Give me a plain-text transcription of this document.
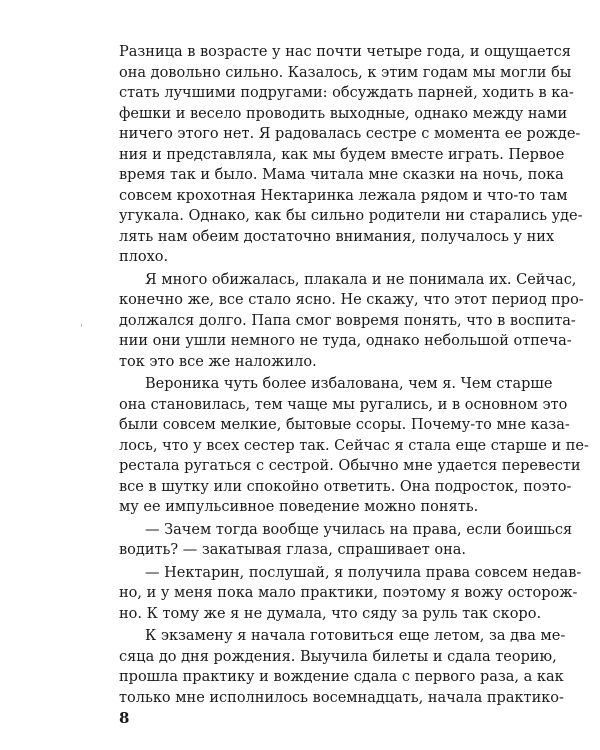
Разница в возрасте у нас почти четыре года, и ощущается
она довольно сильно. Казалось, к этим годам мы могли бы
стать лучшими подругами: обсуждать парней, ходить в ка-
фешки и весело проводить выходные, однако между нами
ничего этого нет. Я радовалась сестре с момента ее рожде-
ния и представляла, как мы будем вместе играть. Первое
время так и было. Мама читала мне сказки на ночь, пока
совсем крохотная Нектаринка лежала рядом и что-то там
угукала. Однако, как бы сильно родители ни старались уде-
лять нам обеим достаточно внимания, получалось у них
плохо.
Я много обижалась, плакала и не понимала их. Сейчас,
конечно же, все стало ясно. Не скажу, что этот период про-
должался долго. Папа смог вовремя понять, что в воспита-
нии они ушли немного не туда, однако небольшой отпеча-
ток это все же наложило.
Вероника чуть более избалована, чем я. Чем старше
она становилась, тем чаще мы ругались, и в основном это
были совсем мелкие, бытовые ссоры. Почему-то мне каза-
лось, что у всех сестер так. Сейчас я стала еще старше и пе-
рестала ругаться с сестрой. Обычно мне удается перевести
все в шутку или спокойно ответить. Она подросток, поэто-
му ее импульсивное поведение можно понять.
— Зачем тогда вообще училась на права, если боишься
водить? — закатывая глаза, спрашивает она.
— Нектарин, послушай, я получила права совсем недав-
но, и у меня пока мало практики, поэтому я вожу осторож-
но. К тому же я не думала, что сяду за руль так скоро.
К экзамену я начала готовиться еще летом, за два ме-
сяца до дня рождения. Выучила билеты и сдала теорию,
прошла практику и вождение сдала с первого раза, а как
только мне исполнилось восемнадцать, начала практико-
8
